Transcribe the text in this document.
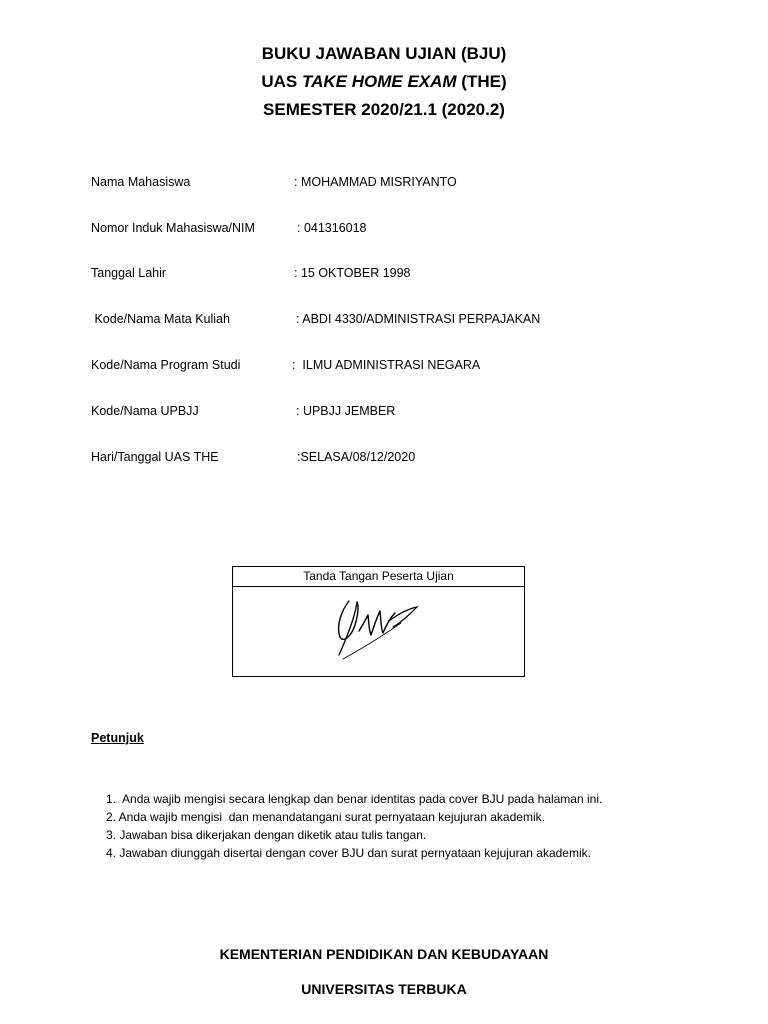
BUKU JAWABAN UJIAN (BJU)
UAS TAKE HOME EXAM (THE)
SEMESTER 2020/21.1 (2020.2)
Nama Mahasiswa	: MOHAMMAD MISRIYANTO
Nomor Induk Mahasiswa/NIM	: 041316018
Tanggal Lahir	: 15 OKTOBER 1998
Kode/Nama Mata Kuliah	: ABDI 4330/ADMINISTRASI PERPAJAKAN
Kode/Nama Program Studi	:  ILMU ADMINISTRASI NEGARA
Kode/Nama UPBJJ	: UPBJJ JEMBER
Hari/Tanggal UAS THE	:SELASA/08/12/2020
Tanda Tangan Peserta Ujian
Petunjuk
1.  Anda wajib mengisi secara lengkap dan benar identitas pada cover BJU pada halaman ini.
2. Anda wajib mengisi  dan menandatangani surat pernyataan kejujuran akademik.
3. Jawaban bisa dikerjakan dengan diketik atau tulis tangan.
4. Jawaban diunggah disertai dengan cover BJU dan surat pernyataan kejujuran akademik.
KEMENTERIAN PENDIDIKAN DAN KEBUDAYAAN
UNIVERSITAS TERBUKA
